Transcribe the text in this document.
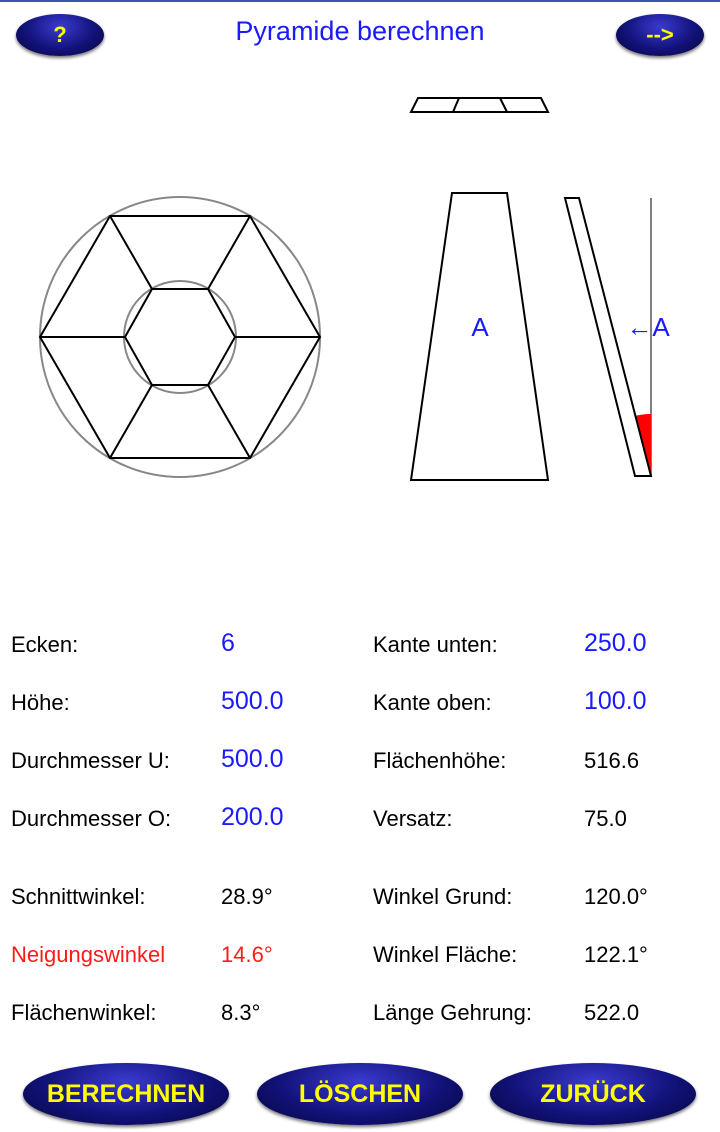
?	Pyramide berechnen	-->
A	←A
Ecken:	6
Höhe:	500.0
Durchmesser U: 500.0
Durchmesser O: 200.0
Schnittwinkel:	28.9°
Neigungswinkel	14.6°
Flächenwinkel:	8.3°
Kante unten:	250.0
Kante oben:	100.0
Flächenhöhe:	516.6
Versatz:	75.0
Winkel Grund:	120.0°
Winkel Fläche:	122.1°
Länge Gehrung: 522.0
BERECHNEN	LÖSCHEN	ZURÜCK
